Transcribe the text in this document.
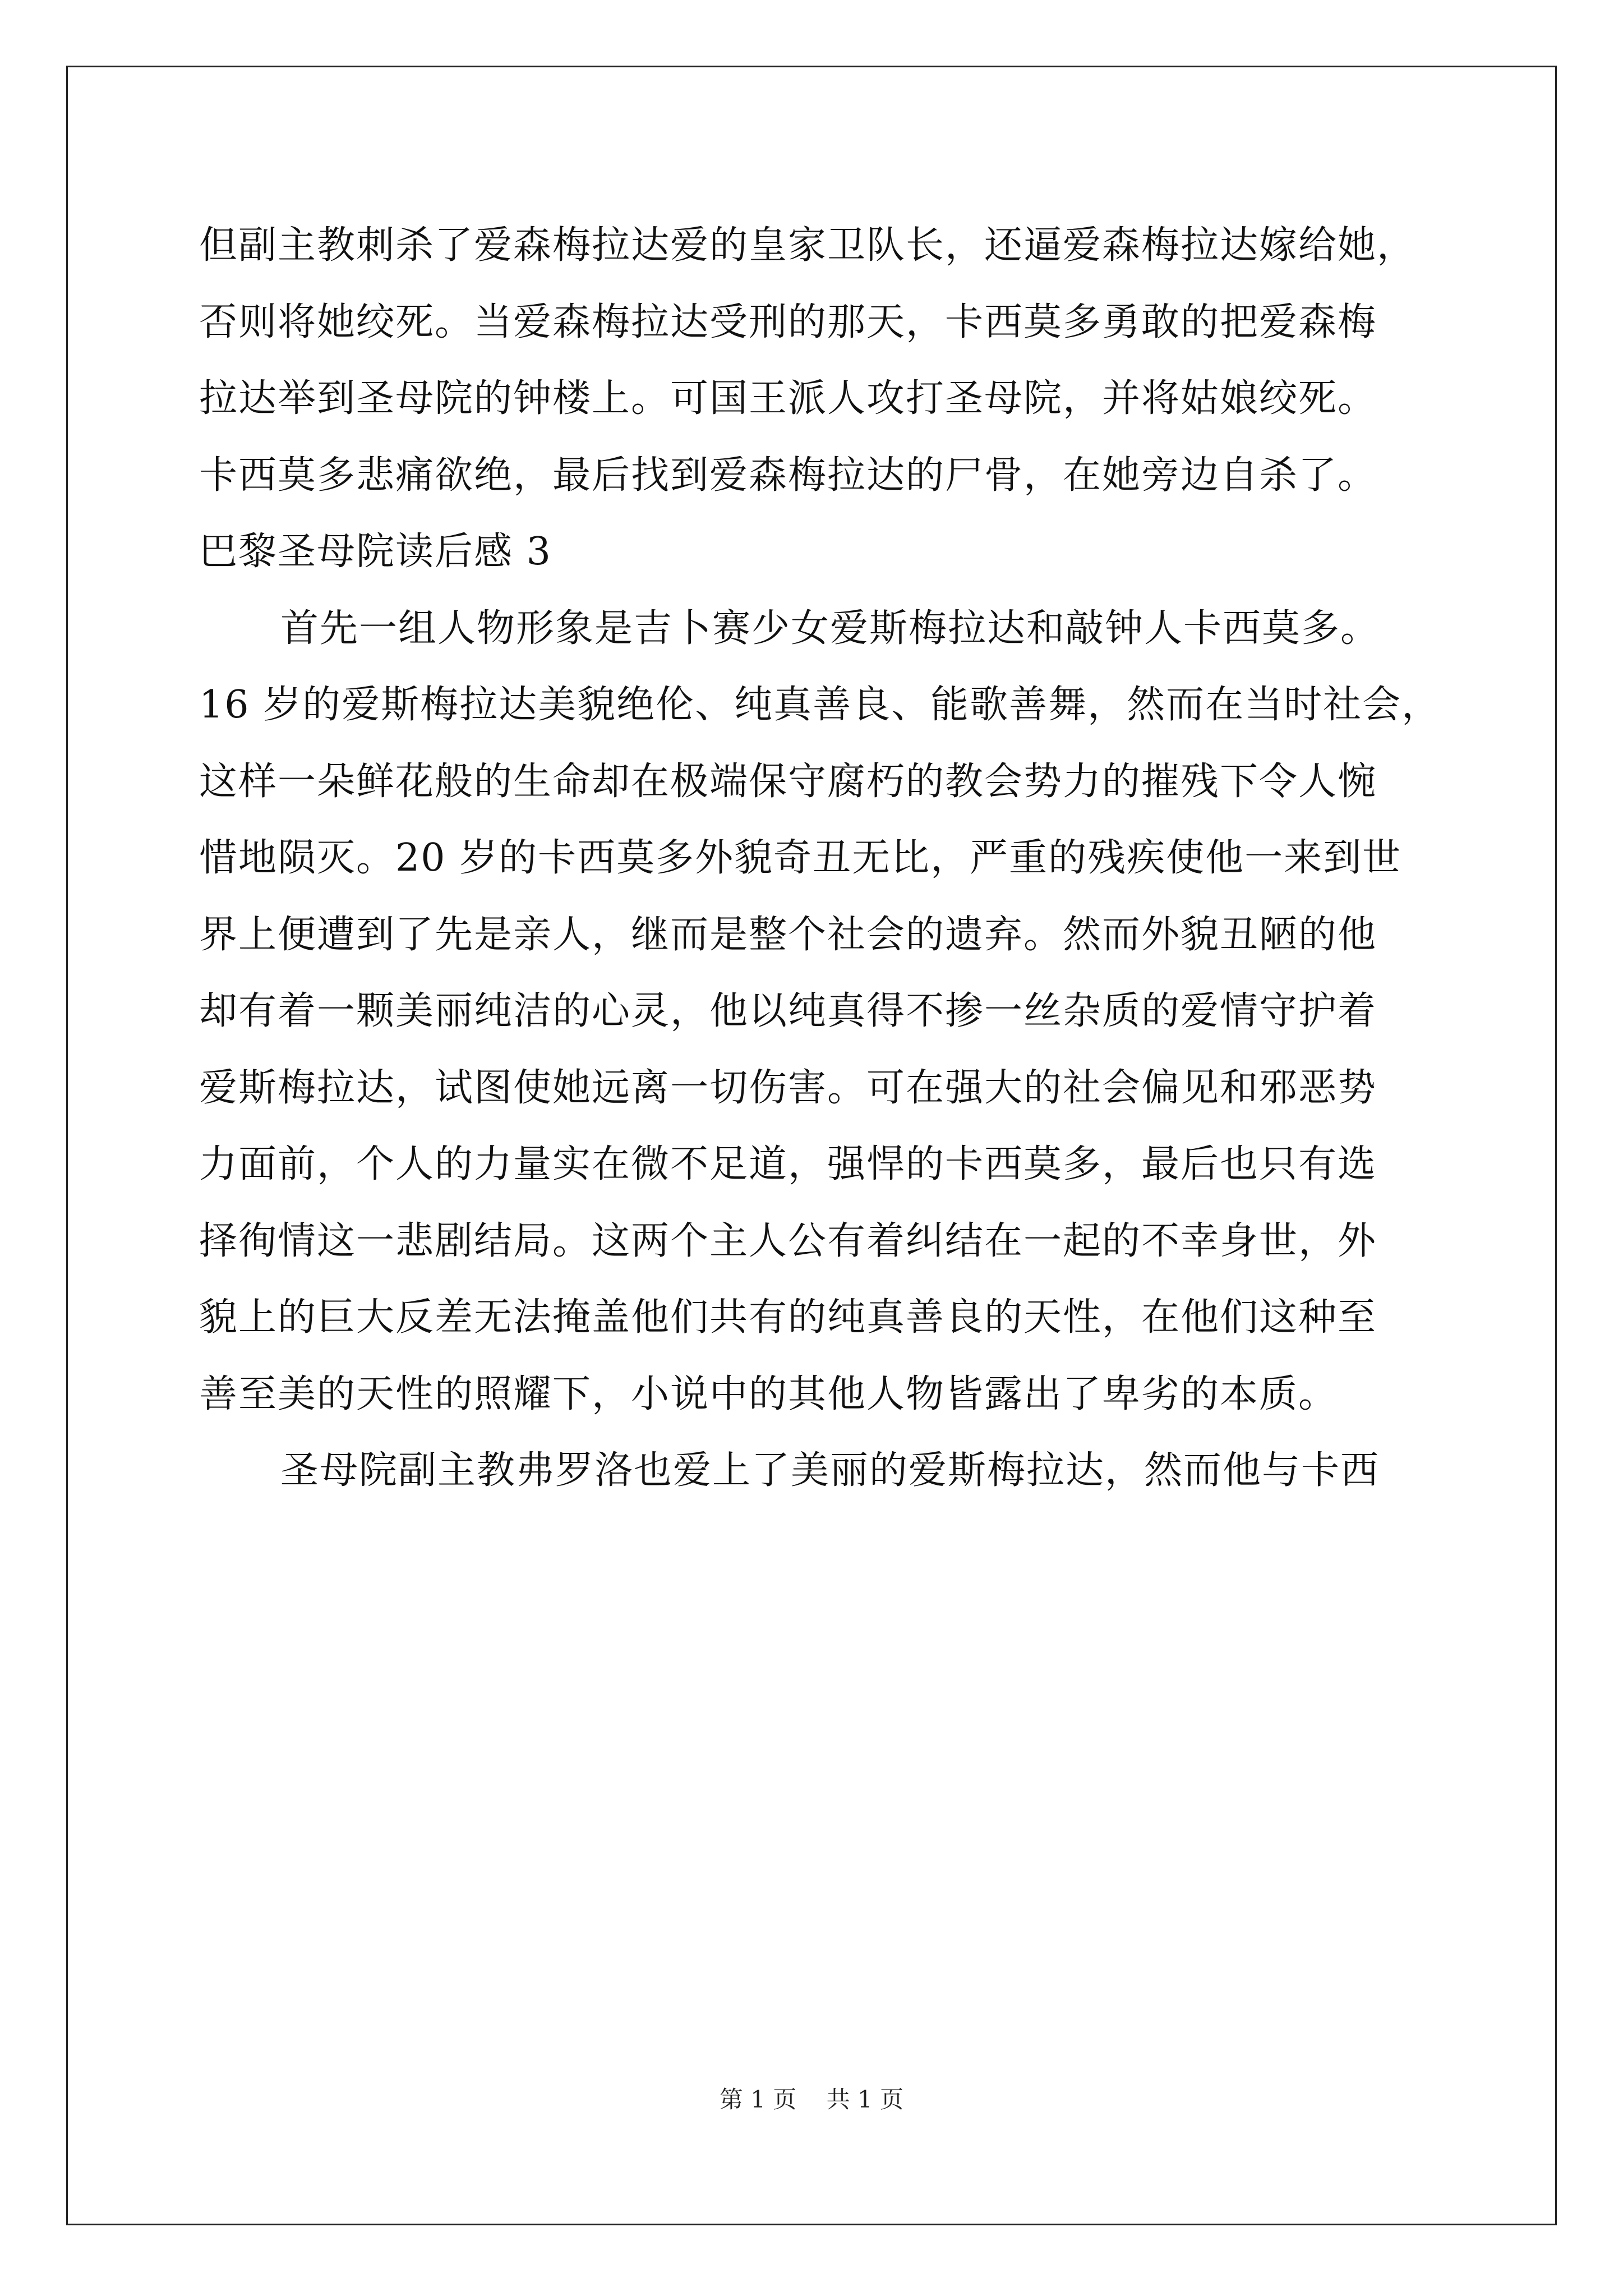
但副主教刺杀了爱森梅拉达爱的皇家卫队长，还逼爱森梅拉达嫁给她，
否则将她绞死。当爱森梅拉达受刑的那天，卡西莫多勇敢的把爱森梅
拉达举到圣母院的钟楼上。可国王派人攻打圣母院，并将姑娘绞死。
卡西莫多悲痛欲绝，最后找到爱森梅拉达的尸骨，在她旁边自杀了。
巴黎圣母院读后感 3
首先一组人物形象是吉卜赛少女爱斯梅拉达和敲钟人卡西莫多。
16 岁的爱斯梅拉达美貌绝伦、纯真善良、能歌善舞，然而在当时社会，
这样一朵鲜花般的生命却在极端保守腐朽的教会势力的摧残下令人惋
惜地陨灭。20 岁的卡西莫多外貌奇丑无比，严重的残疾使他一来到世
界上便遭到了先是亲人，继而是整个社会的遗弃。然而外貌丑陋的他
却有着一颗美丽纯洁的心灵，他以纯真得不掺一丝杂质的爱情守护着
爱斯梅拉达，试图使她远离一切伤害。可在强大的社会偏见和邪恶势
力面前，个人的力量实在微不足道，强悍的卡西莫多，最后也只有选
择徇情这一悲剧结局。这两个主人公有着纠结在一起的不幸身世，外
貌上的巨大反差无法掩盖他们共有的纯真善良的天性，在他们这种至
善至美的天性的照耀下，小说中的其他人物皆露出了卑劣的本质。
圣母院副主教弗罗洛也爱上了美丽的爱斯梅拉达，然而他与卡西
第 1 页    共 1 页
